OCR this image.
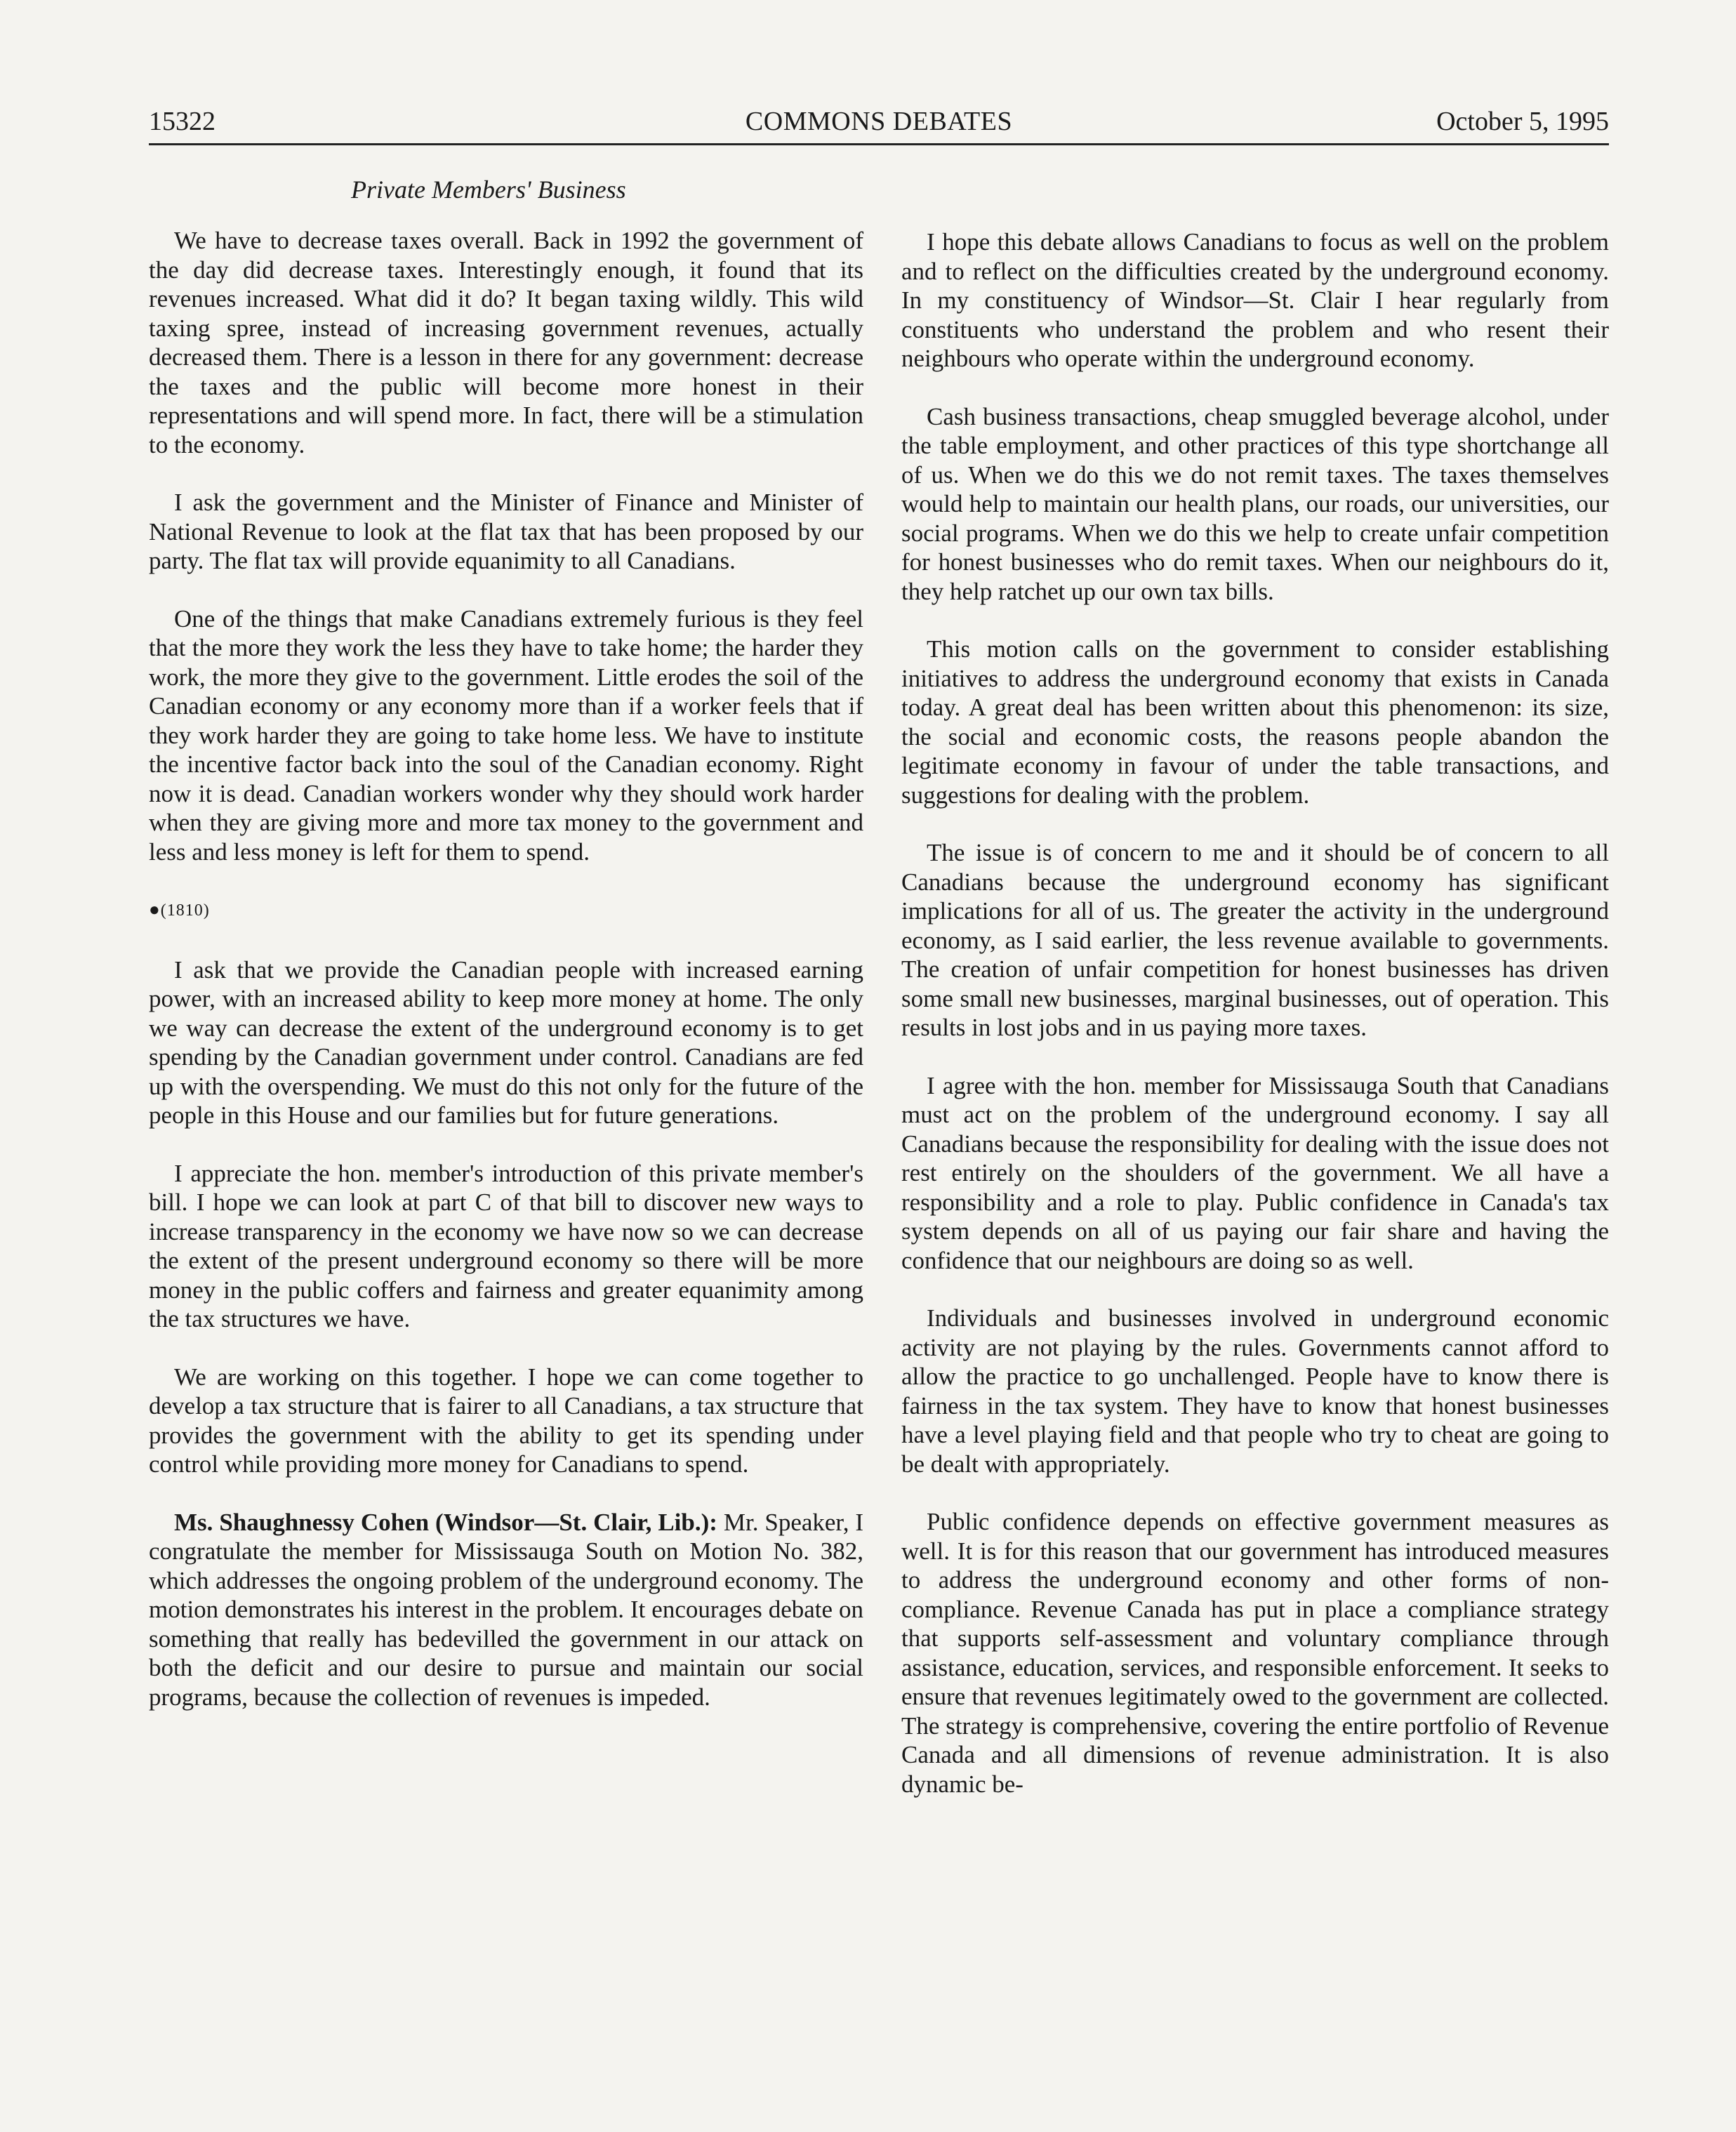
15322	COMMONS DEBATES	October 5, 1995
Private Members' Business

We have to decrease taxes overall. Back in 1992 the government of the day did decrease taxes. Interestingly enough, it found that its revenues increased. What did it do? It began taxing wildly. This wild taxing spree, instead of increasing government revenues, actually decreased them. There is a lesson in there for any government: decrease the taxes and the public will become more honest in their representations and will spend more. In fact, there will be a stimulation to the economy.

I ask the government and the Minister of Finance and Minister of National Revenue to look at the flat tax that has been proposed by our party. The flat tax will provide equanimity to all Canadians.

One of the things that make Canadians extremely furious is they feel that the more they work the less they have to take home; the harder they work, the more they give to the government. Little erodes the soil of the Canadian economy or any economy more than if a worker feels that if they work harder they are going to take home less. We have to institute the incentive factor back into the soul of the Canadian economy. Right now it is dead. Canadian workers wonder why they should work harder when they are giving more and more tax money to the government and less and less money is left for them to spend.

●(1810)

I ask that we provide the Canadian people with increased earning power, with an increased ability to keep more money at home. The only we way can decrease the extent of the underground economy is to get spending by the Canadian government under control. Canadians are fed up with the overspending. We must do this not only for the future of the people in this House and our families but for future generations.

I appreciate the hon. member's introduction of this private member's bill. I hope we can look at part C of that bill to discover new ways to increase transparency in the economy we have now so we can decrease the extent of the present underground economy so there will be more money in the public coffers and fairness and greater equanimity among the tax structures we have.

We are working on this together. I hope we can come together to develop a tax structure that is fairer to all Canadians, a tax structure that provides the government with the ability to get its spending under control while providing more money for Canadians to spend.

Ms. Shaughnessy Cohen (Windsor—St. Clair, Lib.): Mr. Speaker, I congratulate the member for Mississauga South on Motion No. 382, which addresses the ongoing problem of the underground economy. The motion demonstrates his interest in the problem. It encourages debate on something that really has bedevilled the government in our attack on both the deficit and our desire to pursue and maintain our social programs, because the collection of revenues is impeded.

I hope this debate allows Canadians to focus as well on the problem and to reflect on the difficulties created by the underground economy. In my constituency of Windsor—St. Clair I hear regularly from constituents who understand the problem and who resent their neighbours who operate within the underground economy.

Cash business transactions, cheap smuggled beverage alcohol, under the table employment, and other practices of this type shortchange all of us. When we do this we do not remit taxes. The taxes themselves would help to maintain our health plans, our roads, our universities, our social programs. When we do this we help to create unfair competition for honest businesses who do remit taxes. When our neighbours do it, they help ratchet up our own tax bills.

This motion calls on the government to consider establishing initiatives to address the underground economy that exists in Canada today. A great deal has been written about this phenomenon: its size, the social and economic costs, the reasons people abandon the legitimate economy in favour of under the table transactions, and suggestions for dealing with the problem.

The issue is of concern to me and it should be of concern to all Canadians because the underground economy has significant implications for all of us. The greater the activity in the underground economy, as I said earlier, the less revenue available to governments. The creation of unfair competition for honest businesses has driven some small new businesses, marginal businesses, out of operation. This results in lost jobs and in us paying more taxes.

I agree with the hon. member for Mississauga South that Canadians must act on the problem of the underground economy. I say all Canadians because the responsibility for dealing with the issue does not rest entirely on the shoulders of the government. We all have a responsibility and a role to play. Public confidence in Canada's tax system depends on all of us paying our fair share and having the confidence that our neighbours are doing so as well.

Individuals and businesses involved in underground economic activity are not playing by the rules. Governments cannot afford to allow the practice to go unchallenged. People have to know there is fairness in the tax system. They have to know that honest businesses have a level playing field and that people who try to cheat are going to be dealt with appropriately.

Public confidence depends on effective government measures as well. It is for this reason that our government has introduced measures to address the underground economy and other forms of non-compliance. Revenue Canada has put in place a compliance strategy that supports self-assessment and voluntary compliance through assistance, education, services, and responsible enforcement. It seeks to ensure that revenues legitimately owed to the government are collected. The strategy is comprehensive, covering the entire portfolio of Revenue Canada and all dimensions of revenue administration. It is also dynamic be-
